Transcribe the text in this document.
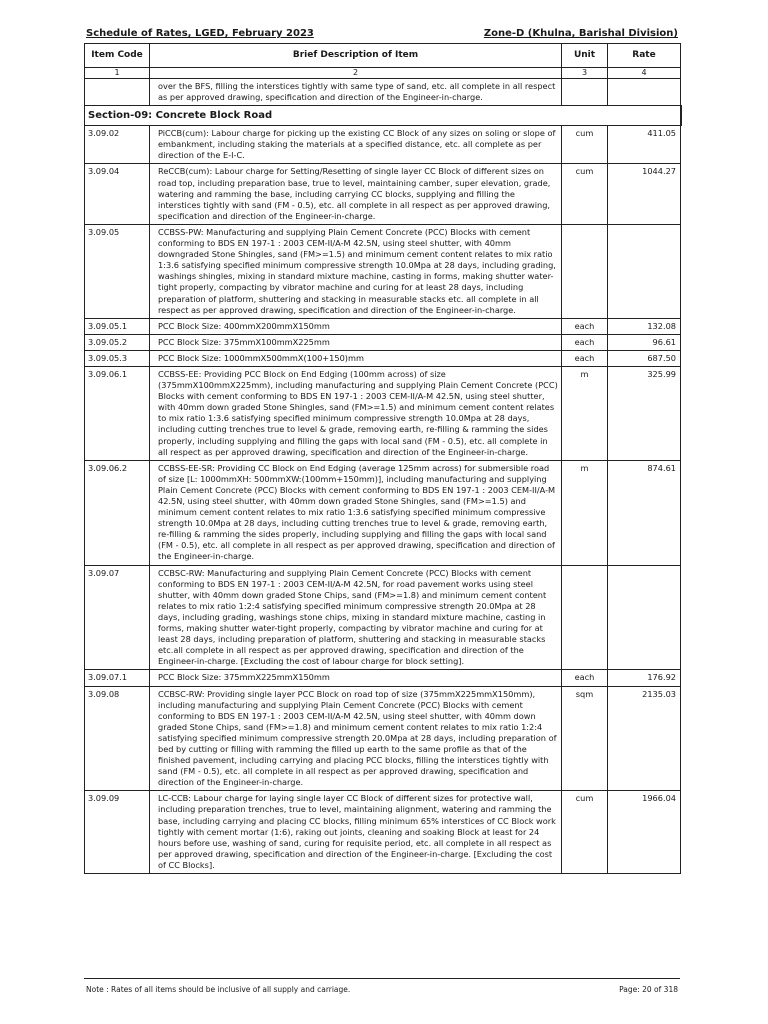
Schedule of Rates, LGED, February 2023	Zone-D (Khulna, Barishal Division)
Item Code	Brief Description of Item	Unit	Rate
1	2	3	4
	over the BFS, filling the interstices tightly with same type of sand, etc. all complete in all respect as per approved drawing, specification and direction of the Engineer-in-charge.		
Section-09: Concrete Block Road			
3.09.02	PiCCB(cum): Labour charge for picking up the existing CC Block of any sizes on soling or slope of embankment, including staking the materials at a specified distance, etc. all complete as per direction of the E-I-C.	cum	411.05
3.09.04	ReCCB(cum): Labour charge for Setting/Resetting of single layer CC Block of different sizes on road top, including preparation base, true to level, maintaining camber, super elevation, grade, watering and ramming the base, including carrying CC blocks, supplying and filling the interstices tightly with sand (FM - 0.5), etc. all complete in all respect as per approved drawing, specification and direction of the Engineer-in-charge.	cum	1044.27
3.09.05	CCBSS-PW: Manufacturing and supplying Plain Cement Concrete (PCC) Blocks with cement conforming to BDS EN 197-1 : 2003 CEM-II/A-M 42.5N, using steel shutter, with 40mm downgraded Stone Shingles, sand (FM>=1.5) and minimum cement content relates to mix ratio 1:3.6 satisfying specified minimum compressive strength 10.0Mpa at 28 days, including grading, washings shingles, mixing in standard mixture machine, casting in forms, making shutter water-tight properly, compacting by vibrator machine and curing for at least 28 days, including preparation of platform, shuttering and stacking in measurable stacks etc. all complete in all respect as per approved drawing, specification and direction of the Engineer-in-charge.		
3.09.05.1	PCC Block Size: 400mmX200mmX150mm	each	132.08
3.09.05.2	PCC Block Size: 375mmX100mmX225mm	each	96.61
3.09.05.3	PCC Block Size: 1000mmX500mmX(100+150)mm	each	687.50
3.09.06.1	CCBSS-EE: Providing PCC Block on End Edging (100mm across) of size (375mmX100mmX225mm), including manufacturing and supplying Plain Cement Concrete (PCC) Blocks with cement conforming to BDS EN 197-1 : 2003 CEM-II/A-M 42.5N, using steel shutter, with 40mm down graded Stone Shingles, sand (FM>=1.5) and minimum cement content relates to mix ratio 1:3.6 satisfying specified minimum compressive strength 10.0Mpa at 28 days, including cutting trenches true to level & grade, removing earth, re-filling & ramming the sides properly, including supplying and filling the gaps with local sand (FM - 0.5), etc. all complete in all respect as per approved drawing, specification and direction of the Engineer-in-charge.	m	325.99
3.09.06.2	CCBSS-EE-SR: Providing CC Block on End Edging (average 125mm across) for submersible road of size [L: 1000mmXH: 500mmXW:(100mm+150mm)], including manufacturing and supplying Plain Cement Concrete (PCC) Blocks with cement conforming to BDS EN 197-1 : 2003 CEM-II/A-M 42.5N, using steel shutter, with 40mm down graded Stone Shingles, sand (FM>=1.5) and minimum cement content relates to mix ratio 1:3.6 satisfying specified minimum compressive strength 10.0Mpa at 28 days, including cutting trenches true to level & grade, removing earth, re-filling & ramming the sides properly, including supplying and filling the gaps with local sand (FM - 0.5), etc. all complete in all respect as per approved drawing, specification and direction of the Engineer-in-charge.	m	874.61
3.09.07	CCBSC-RW: Manufacturing and supplying Plain Cement Concrete (PCC) Blocks with cement conforming to BDS EN 197-1 : 2003 CEM-II/A-M 42.5N, for road pavement works using steel shutter, with 40mm down graded Stone Chips, sand (FM>=1.8) and minimum cement content relates to mix ratio 1:2:4 satisfying specified minimum compressive strength 20.0Mpa at 28 days, including grading, washings stone chips, mixing in standard mixture machine, casting in forms, making shutter water-tight properly, compacting by vibrator machine and curing for at least 28 days, including preparation of platform, shuttering and stacking in measurable stacks etc.all complete in all respect as per approved drawing, specification and direction of the Engineer-in-charge. [Excluding the cost of labour charge for block setting].		
3.09.07.1	PCC Block Size: 375mmX225mmX150mm	each	176.92
3.09.08	CCBSC-RW: Providing single layer PCC Block on road top of size (375mmX225mmX150mm), including manufacturing and supplying Plain Cement Concrete (PCC) Blocks with cement conforming to BDS EN 197-1 : 2003 CEM-II/A-M 42.5N, using steel shutter, with 40mm down graded Stone Chips, sand (FM>=1.8) and minimum cement content relates to mix ratio 1:2:4 satisfying specified minimum compressive strength 20.0Mpa at 28 days, including preparation of bed by cutting or filling with ramming the filled up earth to the same profile as that of the finished pavement, including carrying and placing PCC blocks, filling the interstices tightly with sand (FM - 0.5), etc. all complete in all respect as per approved drawing, specification and direction of the Engineer-in-charge.	sqm	2135.03
3.09.09	LC-CCB: Labour charge for laying single layer CC Block of different sizes for protective wall, including preparation trenches, true to level, maintaining alignment, watering and ramming the base, including carrying and placing CC blocks, filling minimum 65% interstices of CC Block work tightly with cement mortar (1:6), raking out joints, cleaning and soaking Block at least for 24 hours before use, washing of sand, curing for requisite period, etc. all complete in all respect as per approved drawing, specification and direction of the Engineer-in-charge. [Excluding the cost of CC Blocks].	cum	1966.04
Note : Rates of all items should be inclusive of all supply and carriage.	Page: 20 of 318
